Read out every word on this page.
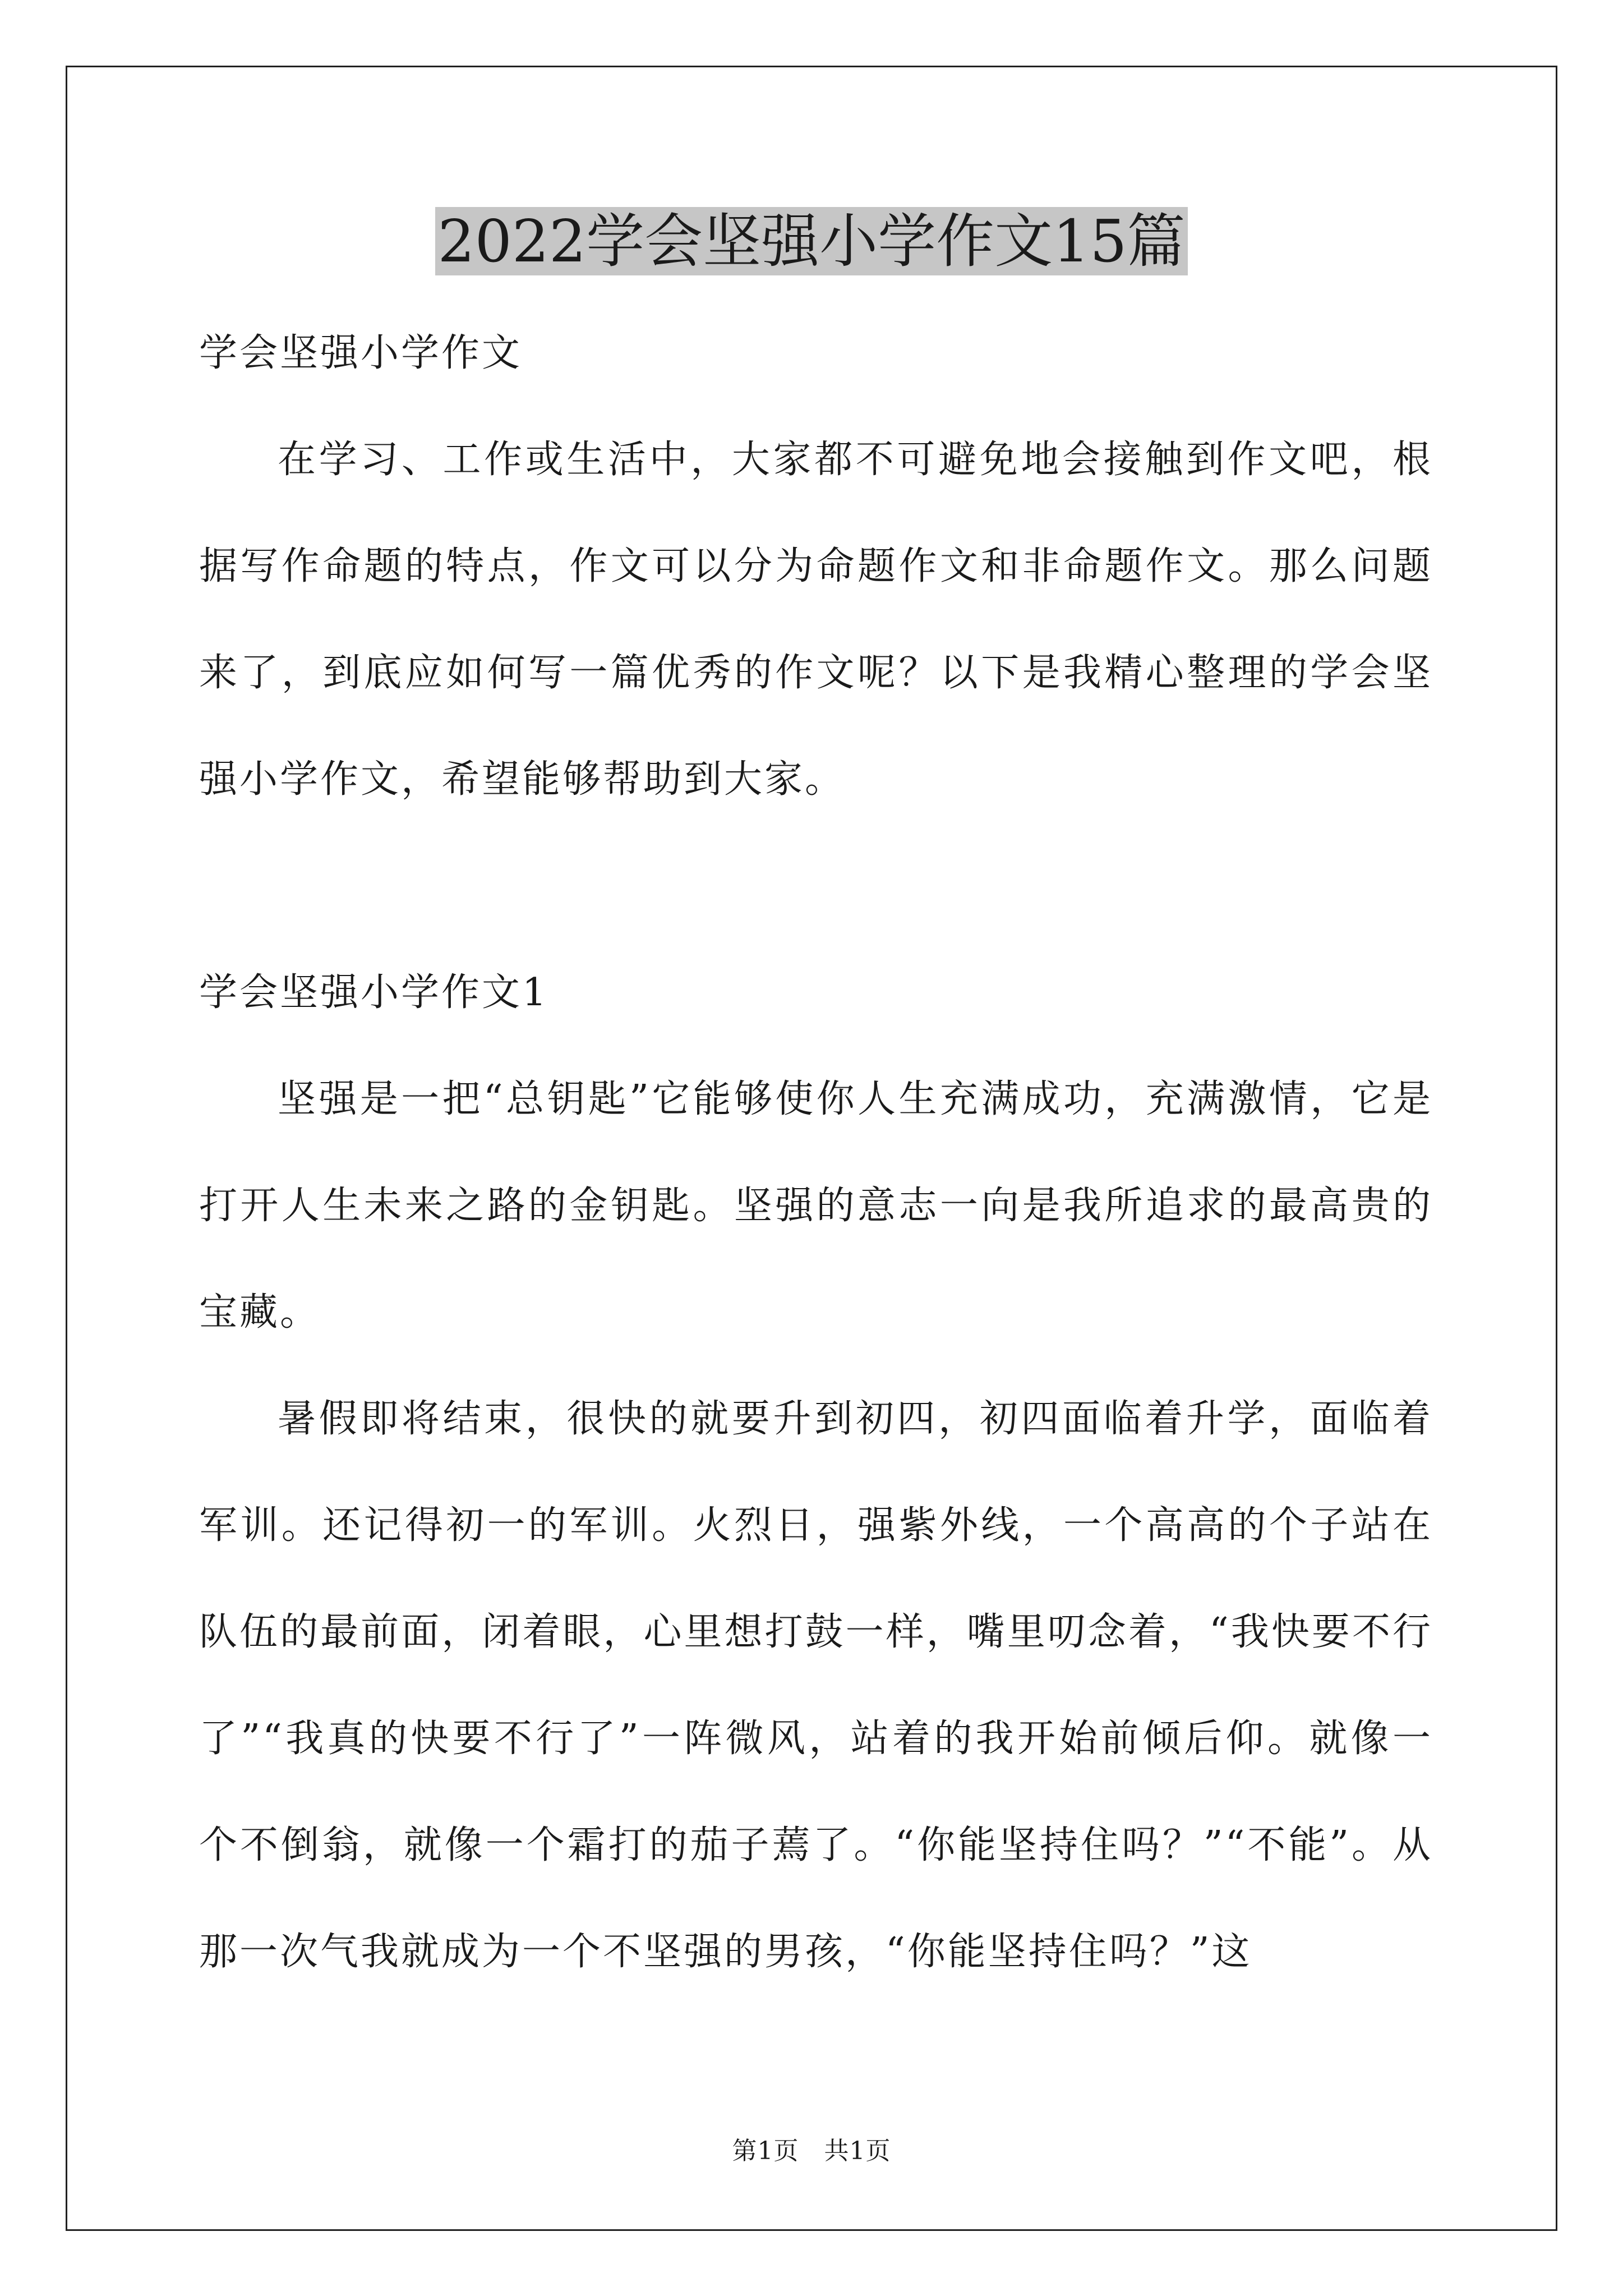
2022学会坚强小学作文15篇

学会坚强小学作文

在学习、工作或生活中，大家都不可避免地会接触到作文吧，根据写作命题的特点，作文可以分为命题作文和非命题作文。那么问题来了，到底应如何写一篇优秀的作文呢？以下是我精心整理的学会坚强小学作文，希望能够帮助到大家。

学会坚强小学作文1

坚强是一把“总钥匙”它能够使你人生充满成功，充满激情，它是打开人生未来之路的金钥匙。坚强的意志一向是我所追求的最高贵的宝藏。

暑假即将结束，很快的就要升到初四，初四面临着升学，面临着军训。还记得初一的军训。火烈日，强紫外线，一个高高的个子站在队伍的最前面，闭着眼，心里想打鼓一样，嘴里叨念着，“我快要不行了”“我真的快要不行了”一阵微风，站着的我开始前倾后仰。就像一个不倒翁，就像一个霜打的茄子蔫了。“你能坚持住吗？”“不能”。从那一次气我就成为一个不坚强的男孩，“你能坚持住吗？”这

第1页　共1页
